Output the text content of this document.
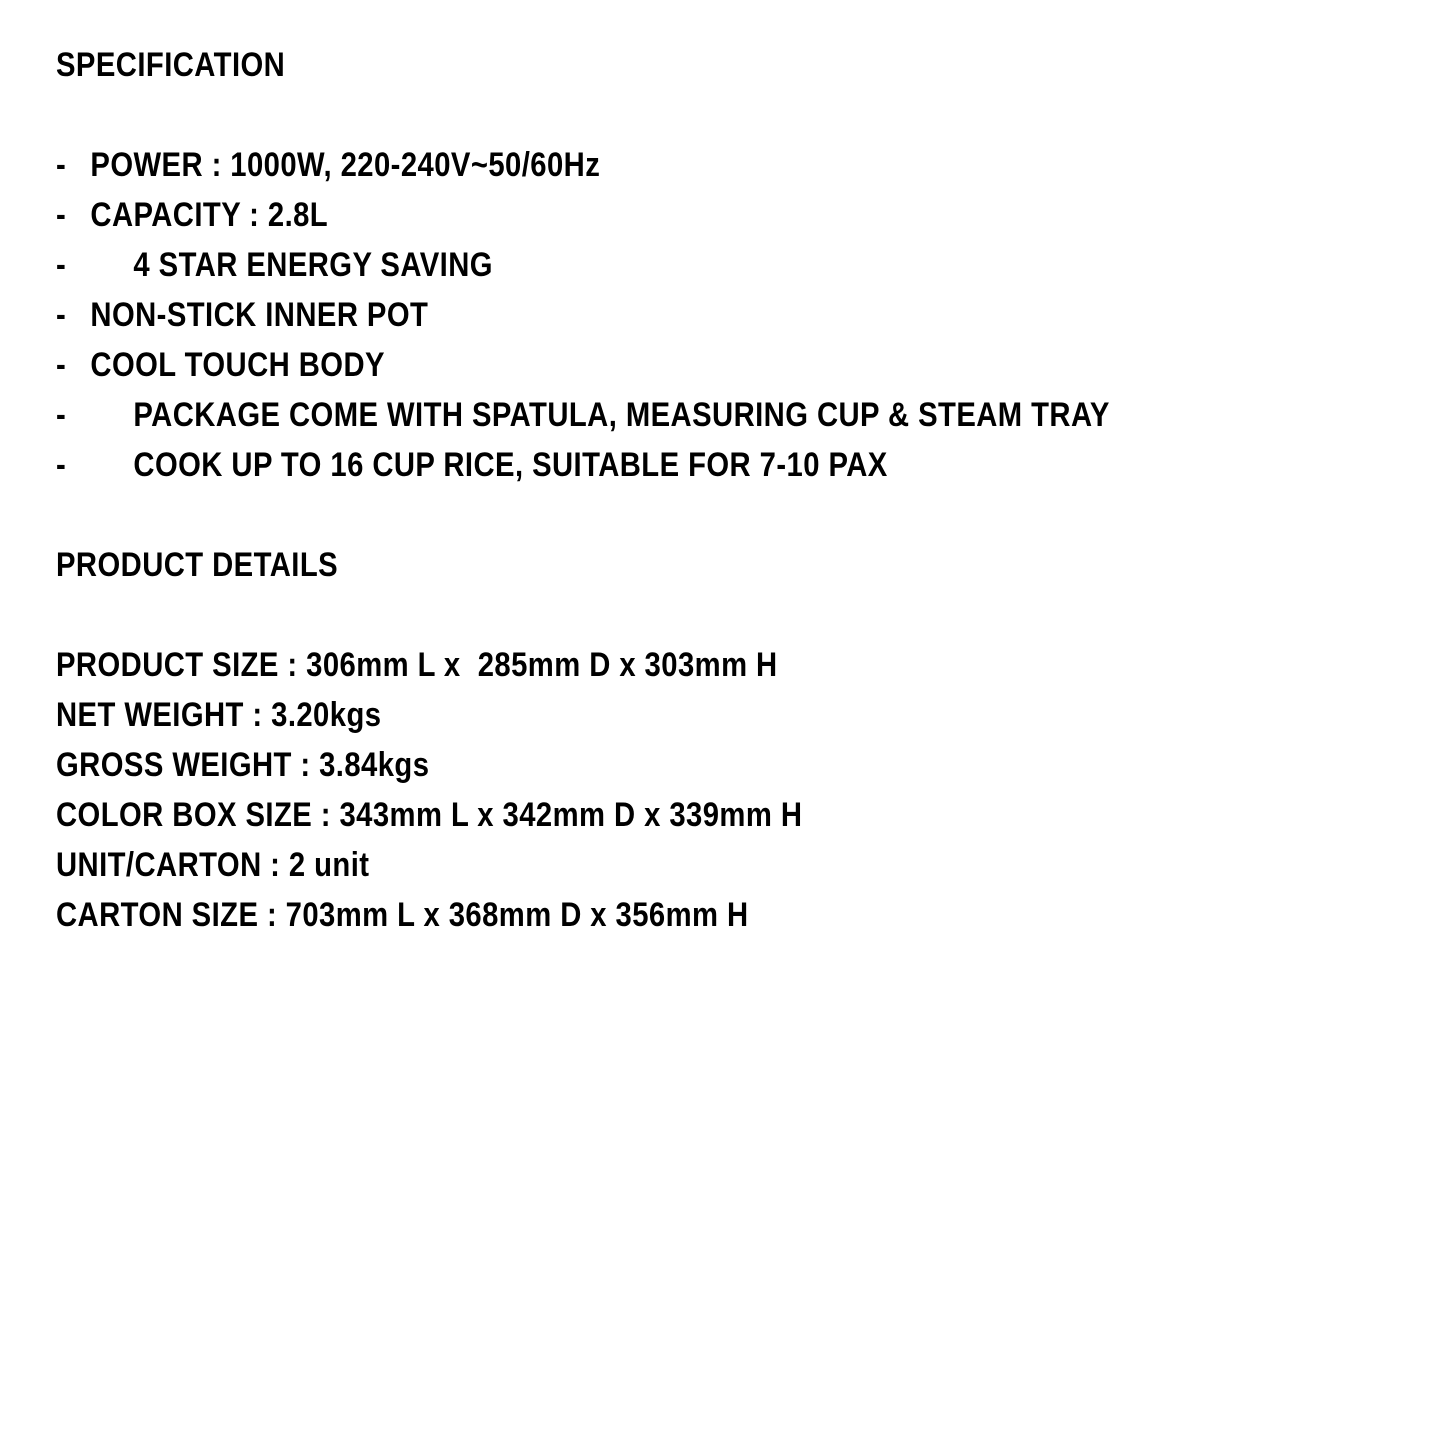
SPECIFICATION
- POWER : 1000W, 220-240V~50/60Hz
- CAPACITY : 2.8L
-	4 STAR ENERGY SAVING
- NON-STICK INNER POT
- COOL TOUCH BODY
-	PACKAGE COME WITH SPATULA, MEASURING CUP & STEAM TRAY
-	COOK UP TO 16 CUP RICE, SUITABLE FOR 7-10 PAX
PRODUCT DETAILS
PRODUCT SIZE : 306mm L x  285mm D x 303mm H
NET WEIGHT : 3.20kgs
GROSS WEIGHT : 3.84kgs
COLOR BOX SIZE : 343mm L x 342mm D x 339mm H
UNIT/CARTON : 2 unit
CARTON SIZE : 703mm L x 368mm D x 356mm H
